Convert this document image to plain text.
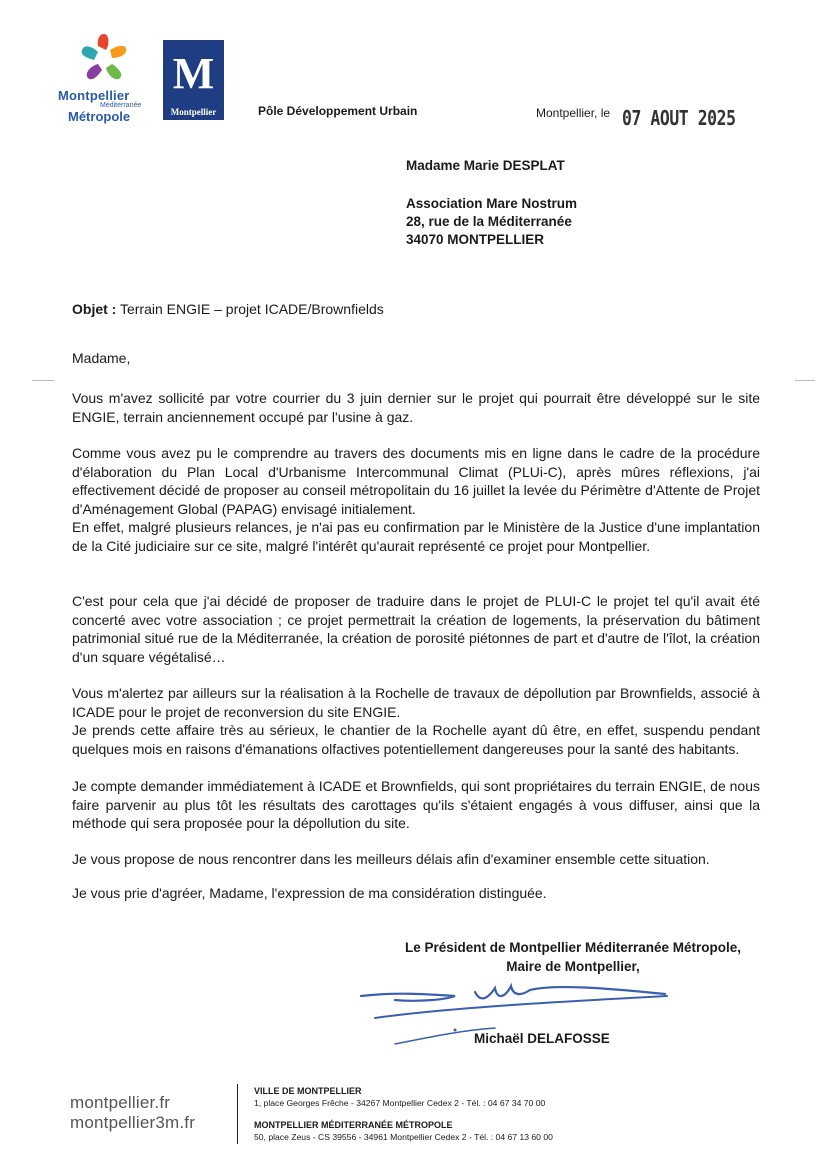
Montpellier
Méditerranée
Métropole
M
Montpellier	Pôle Développement Urbain	Montpellier, le 07 AOUT 2025
Madame Marie DESPLAT
Association Mare Nostrum
28, rue de la Méditerranée
34070 MONTPELLIER
Objet : Terrain ENGIE – projet ICADE/Brownfields
Madame,

Vous m'avez sollicité par votre courrier du 3 juin dernier sur le projet qui pourrait être développé sur le site ENGIE, terrain anciennement occupé par l'usine à gaz.

Comme vous avez pu le comprendre au travers des documents mis en ligne dans le cadre de la procédure d'élaboration du Plan Local d'Urbanisme Intercommunal Climat (PLUi-C), après mûres réflexions, j'ai effectivement décidé de proposer au conseil métropolitain du 16 juillet la levée du Périmètre d'Attente de Projet d'Aménagement Global (PAPAG) envisagé initialement.

En effet, malgré plusieurs relances, je n'ai pas eu confirmation par le Ministère de la Justice d'une implantation de la Cité judiciaire sur ce site, malgré l'intérêt qu'aurait représenté ce projet pour Montpellier.

C'est pour cela que j'ai décidé de proposer de traduire dans le projet de PLUI-C le projet tel qu'il avait été concerté avec votre association ; ce projet permettrait la création de logements, la préservation du bâtiment patrimonial situé rue de la Méditerranée, la création de porosité piétonnes de part et d'autre de l'îlot, la création d'un square végétalisé…

Vous m'alertez par ailleurs sur la réalisation à la Rochelle de travaux de dépollution par Brownfields, associé à ICADE pour le projet de reconversion du site ENGIE.

Je prends cette affaire très au sérieux, le chantier de la Rochelle ayant dû être, en effet, suspendu pendant quelques mois en raisons d'émanations olfactives potentiellement dangereuses pour la santé des habitants.

Je compte demander immédiatement à ICADE et Brownfields, qui sont propriétaires du terrain ENGIE, de nous faire parvenir au plus tôt les résultats des carottages qu'ils s'étaient engagés à vous diffuser, ainsi que la méthode qui sera proposée pour la dépollution du site.

Je vous propose de nous rencontrer dans les meilleurs délais afin d'examiner ensemble cette situation.

Je vous prie d'agréer, Madame, l'expression de ma considération distinguée.

Le Président de Montpellier Méditerranée Métropole,
Maire de Montpellier,
Michaël DELAFOSSE
montpellier.fr
montpellier3m.fr
VILLE DE MONTPELLIER
1, place Georges Frêche - 34267 Montpellier Cedex 2 - Tél. : 04 67 34 70 00
MONTPELLIER MÉDITERRANÉE MÉTROPOLE
50, place Zeus - CS 39556 - 34961 Montpellier Cedex 2 - Tél. : 04 67 13 60 00
